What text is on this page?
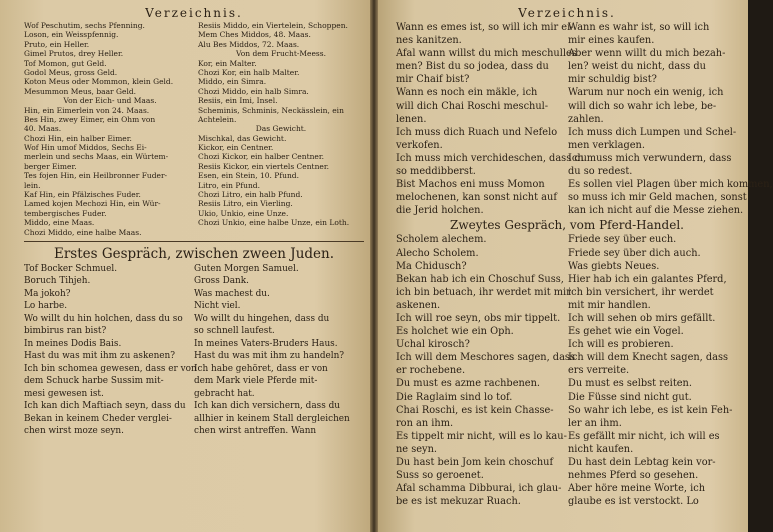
Verzeichnis.
Wof Peschutim, sechs Pfenning.
Loson, ein Weisspfennig.
Pruto, ein Heller.
Gimel Prutos, drey Heller.
Tof Momon, gut Geld.
Godol Meus, gross Geld.
Koton Meus oder Mommon, klein Geld.
Mesummon Meus, baar Geld.
Von der Eich- und Maas.
Hin, ein Eimerlein von 24. Maas.
Bes Hin, zwey Eimer, ein Ohm von
40. Maas.
Chozi Hin, ein halber Eimer.
Wof Hin umof Middos, Sechs Ei-
merlein und sechs Maas, ein Würtem-
berger Eimer.
Tes fojen Hin, ein Heilbronner Fuder-
lein.
Kaf Hin, ein Pfälzisches Fuder.
Lamed kojen Mechozi Hin, ein Wür-
tembergisches Fuder.
Middo, eine Maas.
Chozi Middo, eine halbe Maas.
Resiis Middo, ein Viertelein, Schoppen.
Mem Ches Middos, 48. Maas.
Alu Bes Middos, 72. Maas.
Von dem Frucht-Meess.
Kor, ein Malter.
Chozi Kor, ein halb Malter.
Middo, ein Simra.
Chozi Middo, ein halb Simra.
Resiis, ein Imi, Insel.
Scheminis, Schminis, Neckässlein, ein
Achtelein.
Das Gewicht.
Mischkal, das Gewicht.
Kickor, ein Centner.
Chozi Kickor, ein halber Centner.
Resiis Kickor, ein viertels Centner.
Esen, ein Stein, 10. Pfund.
Litro, ein Pfund.
Chozi Litro, ein halb Pfund.
Resiis Litro, ein Vierling.
Ukio, Unkio, eine Unze.
Chozi Unkio, eine halbe Unze, ein Loth.
Erstes Gespräch, zwischen zween Juden.
Tof Bocker Schmuel.
Boruch Tihjeh.
Ma jokoh?
Lo harbe.
Wo willt du hin holchen, dass du so
bimbirus ran bist?
In meines Dodis Bais.
Hast du was mit ihm zu askenen?
Ich bin schomea gewesen, dass er von
dem Schuck harbe Sussim mit-
mesi gewesen ist.
Ich kan dich Maftiach seyn, dass du
Bekan in keinem Cheder verglei-
chen wirst moze seyn.
Guten Morgen Samuel.
Gross Dank.
Was machest du.
Nicht viel.
Wo willt du hingehen, dass du
so schnell laufest.
In meines Vaters-Bruders Haus.
Hast du was mit ihm zu handeln?
Ich habe gehöret, dass er von
dem Mark viele Pferde mit-
gebracht hat.
Ich kan dich versichern, dass du
allhier in keinem Stall dergleichen
chen wirst antreffen. Wann
Verzeichnis.
Wann es emes ist, so will ich mir ei-
nes kanitzen.
Afal wann willst du mich meschulles
men? Bist du so jodea, dass du
mir Chaif bist?
Wann es noch ein mäkle, ich
will dich Chai Roschi meschul-
lenen.
Ich muss dich Ruach und Nefelo
verkofen.
Ich muss mich verchideschen, dass du
so meddibberst.
Bist Machos eni muss Momon
melochenen, kan sonst nicht auf
die Jerid holchen.
Wann es wahr ist, so will ich
mir eines kaufen.
Aber wenn willt du mich bezah-
len? weist du nicht, dass du
mir schuldig bist?
Warum nur noch ein wenig, ich
will dich so wahr ich lebe, be-
zahlen.
Ich muss dich Lumpen und Schel-
men verklagen.
Ich muss mich verwundern, dass
du so redest.
Es sollen viel Plagen über mich kommen,
so muss ich mir Geld machen, sonst
kan ich nicht auf die Messe ziehen.
Zweytes Gespräch, vom Pferd-Handel.
Scholem alechem.
Alecho Scholem.
Ma Chidusch?
Bekan hab ich ein Choschuf Suss,
ich bin betuach, ihr werdet mit mir
askenen.
Ich will roe seyn, obs mir tippelt.
Es holchet wie ein Oph.
Uchal kirosch?
Ich will dem Meschores sagen, dass
er rochebene.
Du must es azme rachbenen.
Die Raglaim sind lo tof.
Chai Roschi, es ist kein Chasse-
ron an ihm.
Es tippelt mir nicht, will es lo kau-
ne seyn.
Du hast bein Jom kein choschuf
Suss so geroenet.
Afal schamma Dibburai, ich glau-
be es ist mekuzar Ruach.
Friede sey über euch.
Friede sey über dich auch.
Was giebts Neues.
Hier hab ich ein galantes Pferd,
ich bin versichert, ihr werdet
mit mir handlen.
Ich will sehen ob mirs gefällt.
Es gehet wie ein Vogel.
Ich will es probieren.
Ich will dem Knecht sagen, dass
ers verreite.
Du must es selbst reiten.
Die Füsse sind nicht gut.
So wahr ich lebe, es ist kein Feh-
ler an ihm.
Es gefällt mir nicht, ich will es
nicht kaufen.
Du hast dein Lebtag kein vor-
nehmes Pferd so gesehen.
Aber höre meine Worte, ich
glaube es ist verstockt. Lo
